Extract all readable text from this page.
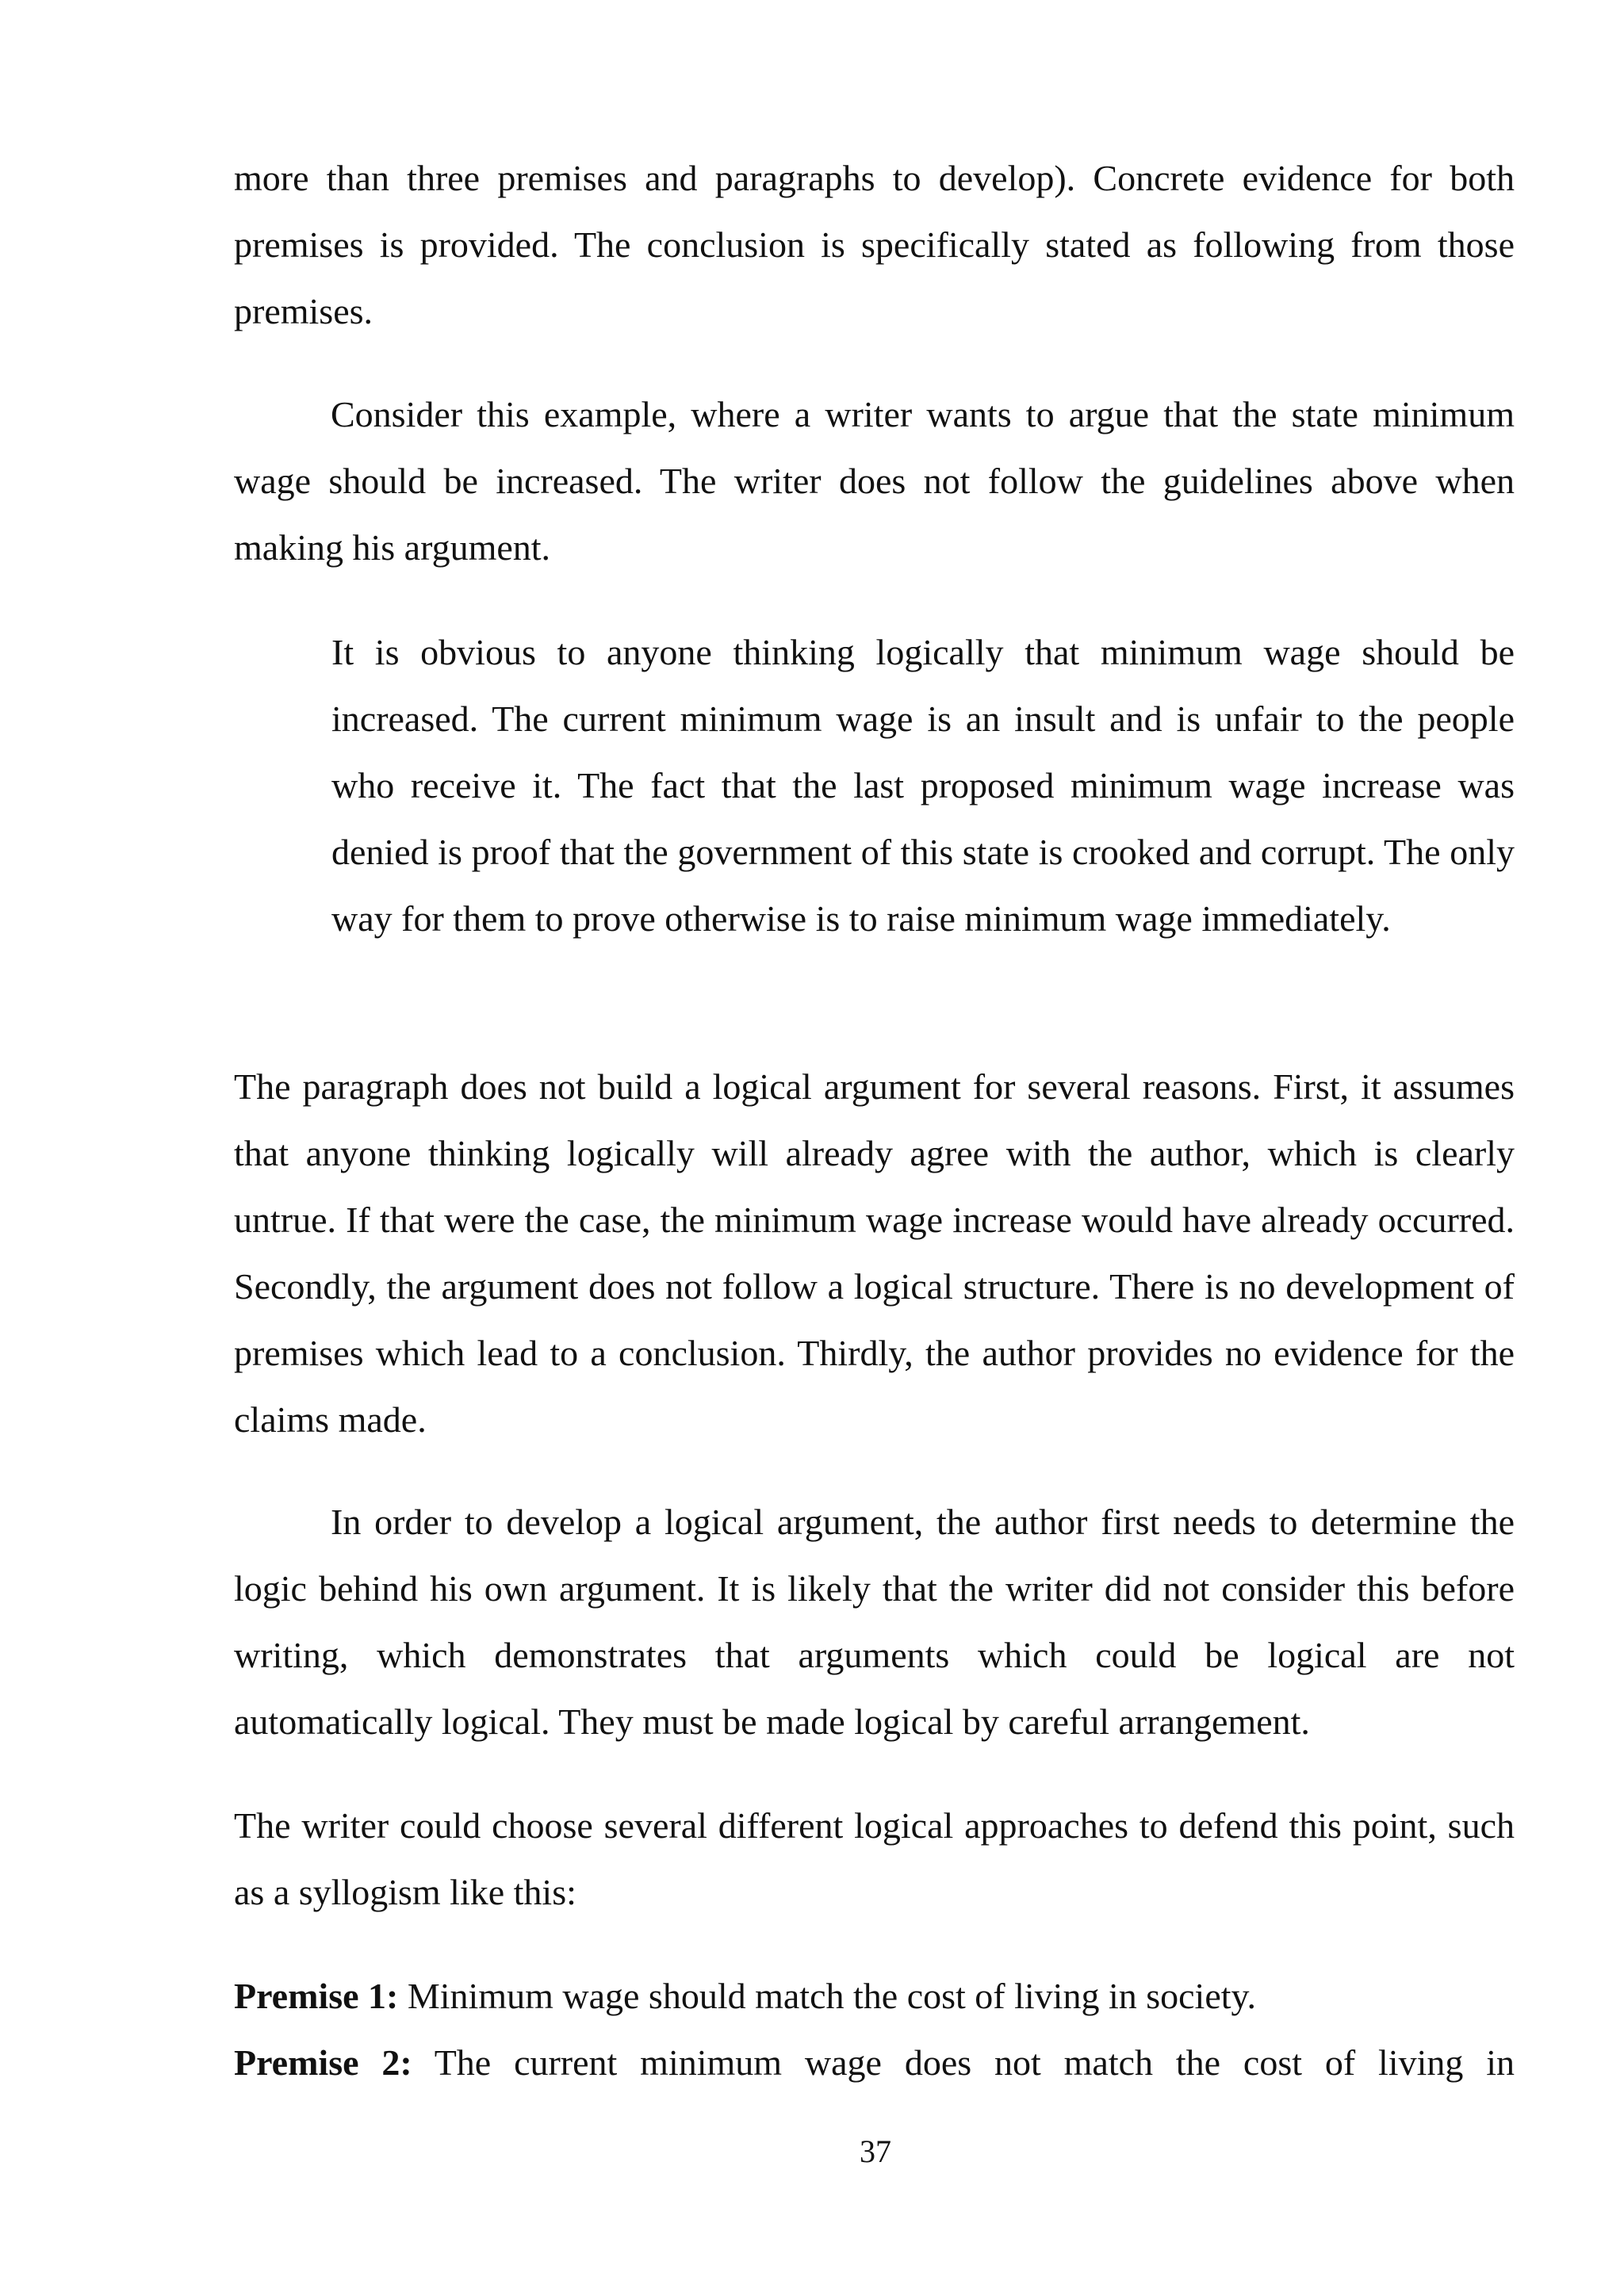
more than three premises and paragraphs to develop). Concrete evidence for both premises is provided. The conclusion is specifically stated as following from those premises.

Consider this example, where a writer wants to argue that the state minimum wage should be increased. The writer does not follow the guidelines above when making his argument.

It is obvious to anyone thinking logically that minimum wage should be increased. The current minimum wage is an insult and is unfair to the people who receive it. The fact that the last proposed minimum wage increase was denied is proof that the government of this state is crooked and corrupt. The only way for them to prove otherwise is to raise minimum wage immediately.

The paragraph does not build a logical argument for several reasons. First, it assumes that anyone thinking logically will already agree with the author, which is clearly untrue. If that were the case, the minimum wage increase would have already occurred. Secondly, the argument does not follow a logical structure. There is no development of premises which lead to a conclusion. Thirdly, the author provides no evidence for the claims made.

In order to develop a logical argument, the author first needs to determine the logic behind his own argument. It is likely that the writer did not consider this before writing, which demonstrates that arguments which could be logical are not automatically logical. They must be made logical by careful arrangement.

The writer could choose several different logical approaches to defend this point, such as a syllogism like this:

Premise 1: Minimum wage should match the cost of living in society.

Premise 2: The current minimum wage does not match the cost of living in

37
